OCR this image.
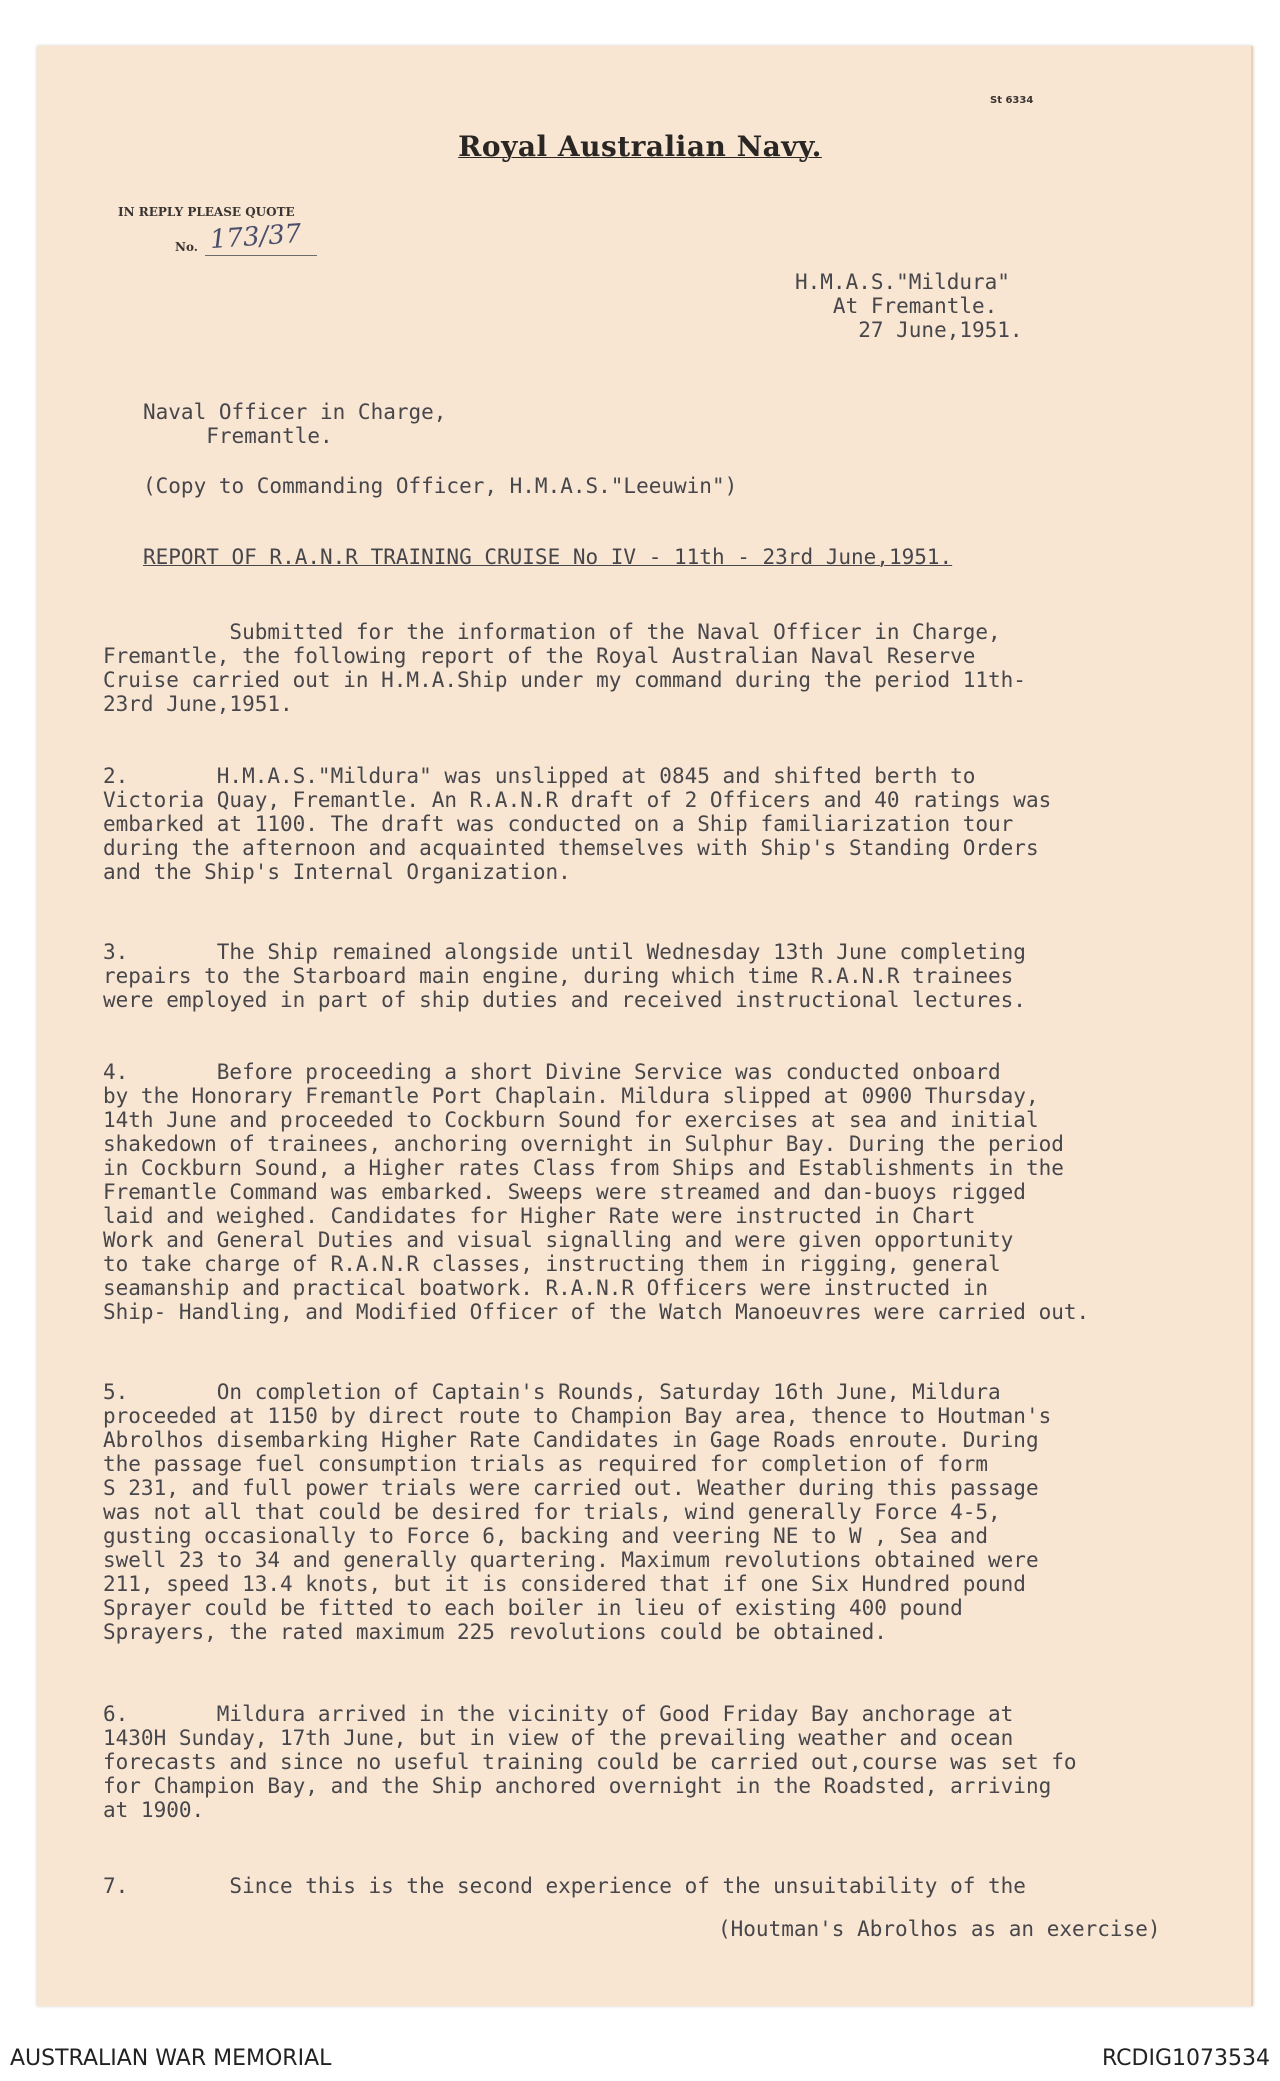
St 6334
Royal Australian Navy.
IN REPLY PLEASE QUOTE
No. 173/37
H.M.A.S."Mildura"
At Fremantle.
27 June,1951.
Naval Officer in Charge,
Fremantle.
(Copy to Commanding Officer, H.M.A.S."Leeuwin")
REPORT OF R.A.N.R TRAINING CRUISE No IV - 11th - 23rd June,1951.
Submitted for the information of the Naval Officer in Charge,
Fremantle, the following report of the Royal Australian Naval Reserve
Cruise carried out in H.M.A.Ship under my command during the period 11th-
23rd June,1951.
2.       H.M.A.S."Mildura" was unslipped at 0845 and shifted berth to
Victoria Quay, Fremantle. An R.A.N.R draft of 2 Officers and 40 ratings was
embarked at 1100. The draft was conducted on a Ship familiarization tour
during the afternoon and acquainted themselves with Ship's Standing Orders
and the Ship's Internal Organization.
3.       The Ship remained alongside until Wednesday 13th June completing
repairs to the Starboard main engine, during which time R.A.N.R trainees
were employed in part of ship duties and received instructional lectures.
4.       Before proceeding a short Divine Service was conducted onboard
by the Honorary Fremantle Port Chaplain. Mildura slipped at 0900 Thursday,
14th June and proceeded to Cockburn Sound for exercises at sea and initial
shakedown of trainees, anchoring overnight in Sulphur Bay. During the period
in Cockburn Sound, a Higher rates Class from Ships and Establishments in the
Fremantle Command was embarked. Sweeps were streamed and dan-buoys rigged
laid and weighed. Candidates for Higher Rate were instructed in Chart
Work and General Duties and visual signalling and were given opportunity
to take charge of R.A.N.R classes, instructing them in rigging, general
seamanship and practical boatwork. R.A.N.R Officers were instructed in
Ship- Handling, and Modified Officer of the Watch Manoeuvres were carried out.
5.       On completion of Captain's Rounds, Saturday 16th June, Mildura
proceeded at 1150 by direct route to Champion Bay area, thence to Houtman's
Abrolhos disembarking Higher Rate Candidates in Gage Roads enroute. During
the passage fuel consumption trials as required for completion of form
S 231, and full power trials were carried out. Weather during this passage
was not all that could be desired for trials, wind generally Force 4-5,
gusting occasionally to Force 6, backing and veering NE to W , Sea and
swell 23 to 34 and generally quartering. Maximum revolutions obtained were
211, speed 13.4 knots, but it is considered that if one Six Hundred pound
Sprayer could be fitted to each boiler in lieu of existing 400 pound
Sprayers, the rated maximum 225 revolutions could be obtained.
6.       Mildura arrived in the vicinity of Good Friday Bay anchorage at
1430H Sunday, 17th June, but in view of the prevailing weather and ocean
forecasts and since no useful training could be carried out,course was set fo
for Champion Bay, and the Ship anchored overnight in the Roadsted, arriving
at 1900.
7.        Since this is the second experience of the unsuitability of the
(Houtman's Abrolhos as an exercise)
AUSTRALIAN WAR MEMORIAL	RCDIG1073534
